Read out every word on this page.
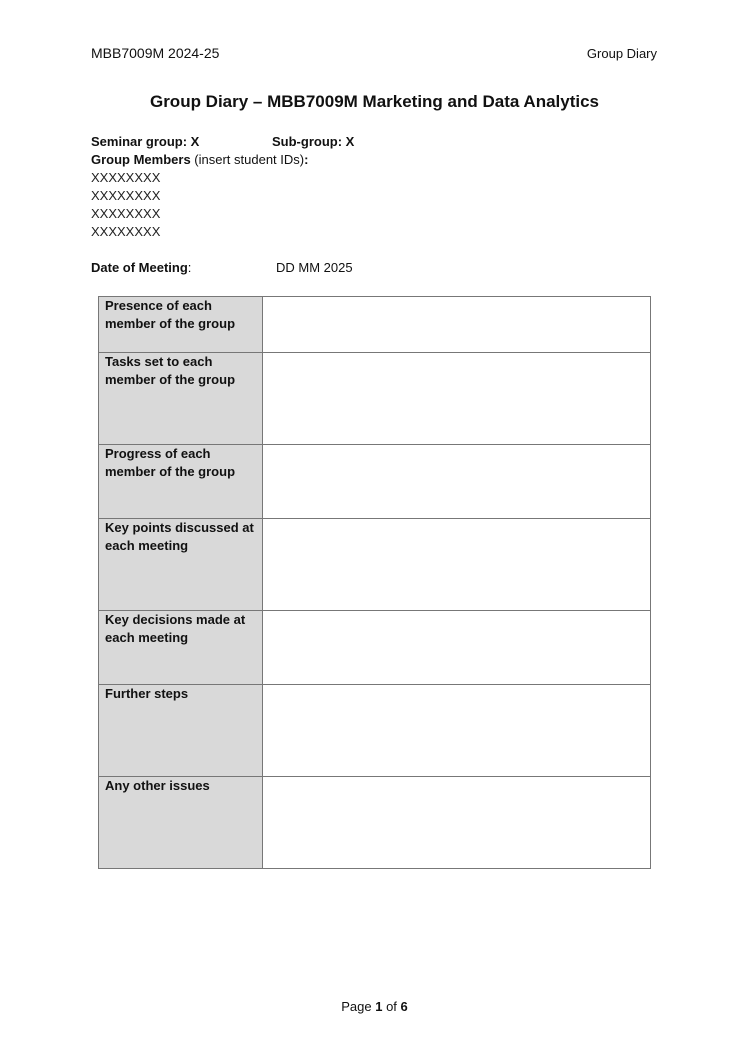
MBB7009M 2024-25	Group Diary
Group Diary – MBB7009M Marketing and Data Analytics
Seminar group: X	Sub-group: X
Group Members (insert student IDs):
XXXXXXXX
XXXXXXXX
XXXXXXXX
XXXXXXXX
Date of Meeting:	DD MM 2025
Presence of each member of the group	
Tasks set to each member of the group	
Progress of each member of the group	
Key points discussed at each meeting	
Key decisions made at each meeting	
Further steps	
Any other issues	
Page 1 of 6
